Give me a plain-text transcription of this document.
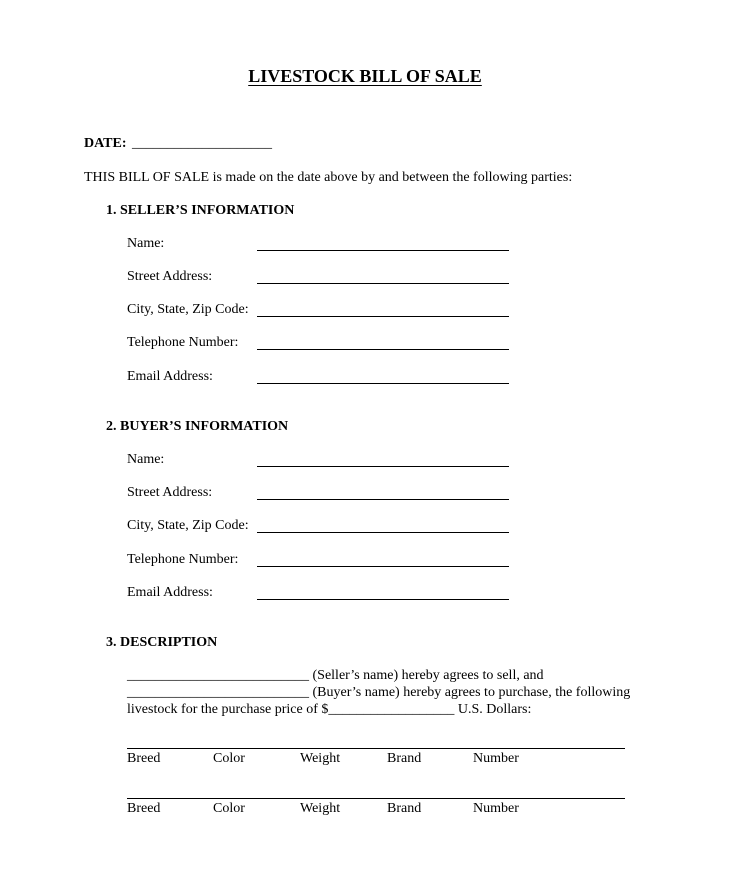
LIVESTOCK BILL OF SALE
DATE: ____________________
THIS BILL OF SALE is made on the date above by and between the following parties:
1. SELLER’S INFORMATION
Name:
Street Address:
City, State, Zip Code:
Telephone Number:
Email Address:
2. BUYER’S INFORMATION
Name:
Street Address:
City, State, Zip Code:
Telephone Number:
Email Address:
3. DESCRIPTION
__________________________ (Seller’s name) hereby agrees to sell, and
__________________________ (Buyer’s name) hereby agrees to purchase, the following
livestock for the purchase price of $__________________ U.S. Dollars:
Breed	Color	Weight	Brand	Number
Breed	Color	Weight	Brand	Number
